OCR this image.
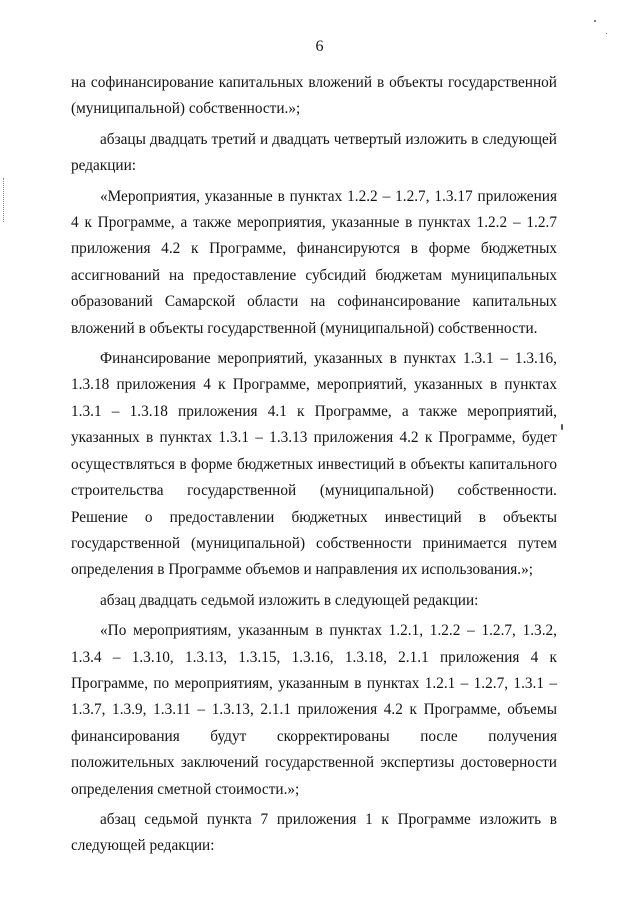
6

на софинансирование капитальных вложений в объекты государственной (муниципальной) собственности.»;

абзацы двадцать третий и двадцать четвертый изложить в следующей редакции:

«Мероприятия, указанные в пунктах 1.2.2 – 1.2.7, 1.3.17 приложения 4 к Программе, а также мероприятия, указанные в пунктах 1.2.2 – 1.2.7 приложения 4.2 к Программе, финансируются в форме бюджетных ассигнований на предоставление субсидий бюджетам муниципальных образований Самарской области на софинансирование капитальных вложений в объекты государственной (муниципальной) собственности.

Финансирование мероприятий, указанных в пунктах 1.3.1 – 1.3.16, 1.3.18 приложения 4 к Программе, мероприятий, указанных в пунктах 1.3.1 – 1.3.18 приложения 4.1 к Программе, а также мероприятий, указанных в пунктах 1.3.1 – 1.3.13 приложения 4.2 к Программе, будет осуществляться в форме бюджетных инвестиций в объекты капитального строительства государственной (муниципальной) собственности. Решение о предоставлении бюджетных инвестиций в объекты государственной (муниципальной) собственности принимается путем определения в Программе объемов и направления их использования.»;

абзац двадцать седьмой изложить в следующей редакции:

«По мероприятиям, указанным в пунктах 1.2.1, 1.2.2 – 1.2.7, 1.3.2, 1.3.4 – 1.3.10, 1.3.13, 1.3.15, 1.3.16, 1.3.18, 2.1.1 приложения 4 к Программе, по мероприятиям, указанным в пунктах 1.2.1 – 1.2.7, 1.3.1 – 1.3.7, 1.3.9, 1.3.11 – 1.3.13, 2.1.1 приложения 4.2 к Программе, объемы финансирования будут скорректированы после получения положительных заключений государственной экспертизы достоверности определения сметной стоимости.»;

абзац седьмой пункта 7 приложения 1 к Программе изложить в следующей редакции:
